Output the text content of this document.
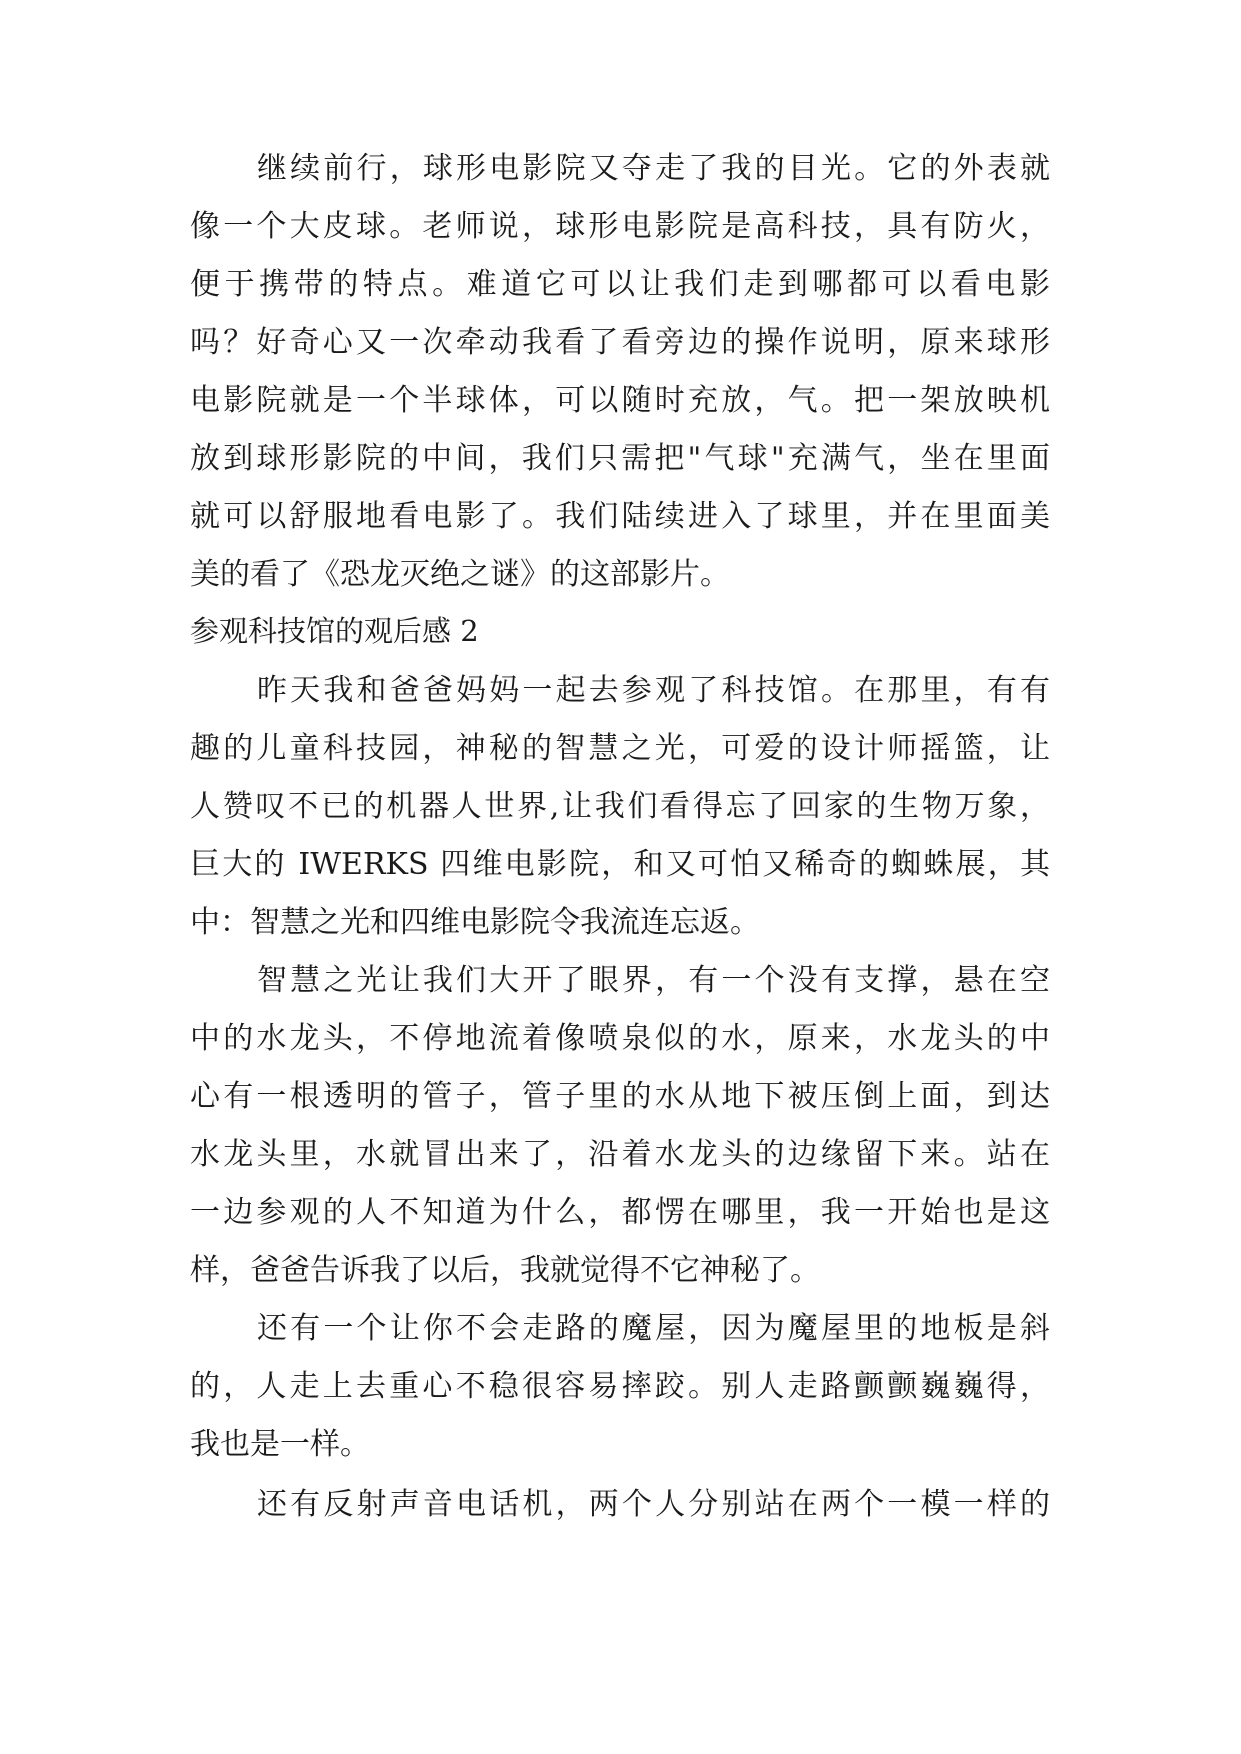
继续前行，球形电影院又夺走了我的目光。它的外表就
像一个大皮球。老师说，球形电影院是高科技，具有防火，
便于携带的特点。难道它可以让我们走到哪都可以看电影
吗？好奇心又一次牵动我看了看旁边的操作说明，原来球形
电影院就是一个半球体，可以随时充放，气。把一架放映机
放到球形影院的中间，我们只需把"气球"充满气，坐在里面
就可以舒服地看电影了。我们陆续进入了球里，并在里面美
美的看了《恐龙灭绝之谜》的这部影片。
参观科技馆的观后感 2
昨天我和爸爸妈妈一起去参观了科技馆。在那里，有有
趣的儿童科技园，神秘的智慧之光，可爱的设计师摇篮，让
人赞叹不已的机器人世界,让我们看得忘了回家的生物万象，
巨大的 IWERKS 四维电影院，和又可怕又稀奇的蜘蛛展，其
中：智慧之光和四维电影院令我流连忘返。
智慧之光让我们大开了眼界，有一个没有支撑，悬在空
中的水龙头，不停地流着像喷泉似的水，原来，水龙头的中
心有一根透明的管子，管子里的水从地下被压倒上面，到达
水龙头里，水就冒出来了，沿着水龙头的边缘留下来。站在
一边参观的人不知道为什么，都愣在哪里，我一开始也是这
样，爸爸告诉我了以后，我就觉得不它神秘了。
还有一个让你不会走路的魔屋，因为魔屋里的地板是斜
的，人走上去重心不稳很容易摔跤。别人走路颤颤巍巍得，
我也是一样。
还有反射声音电话机，两个人分别站在两个一模一样的
